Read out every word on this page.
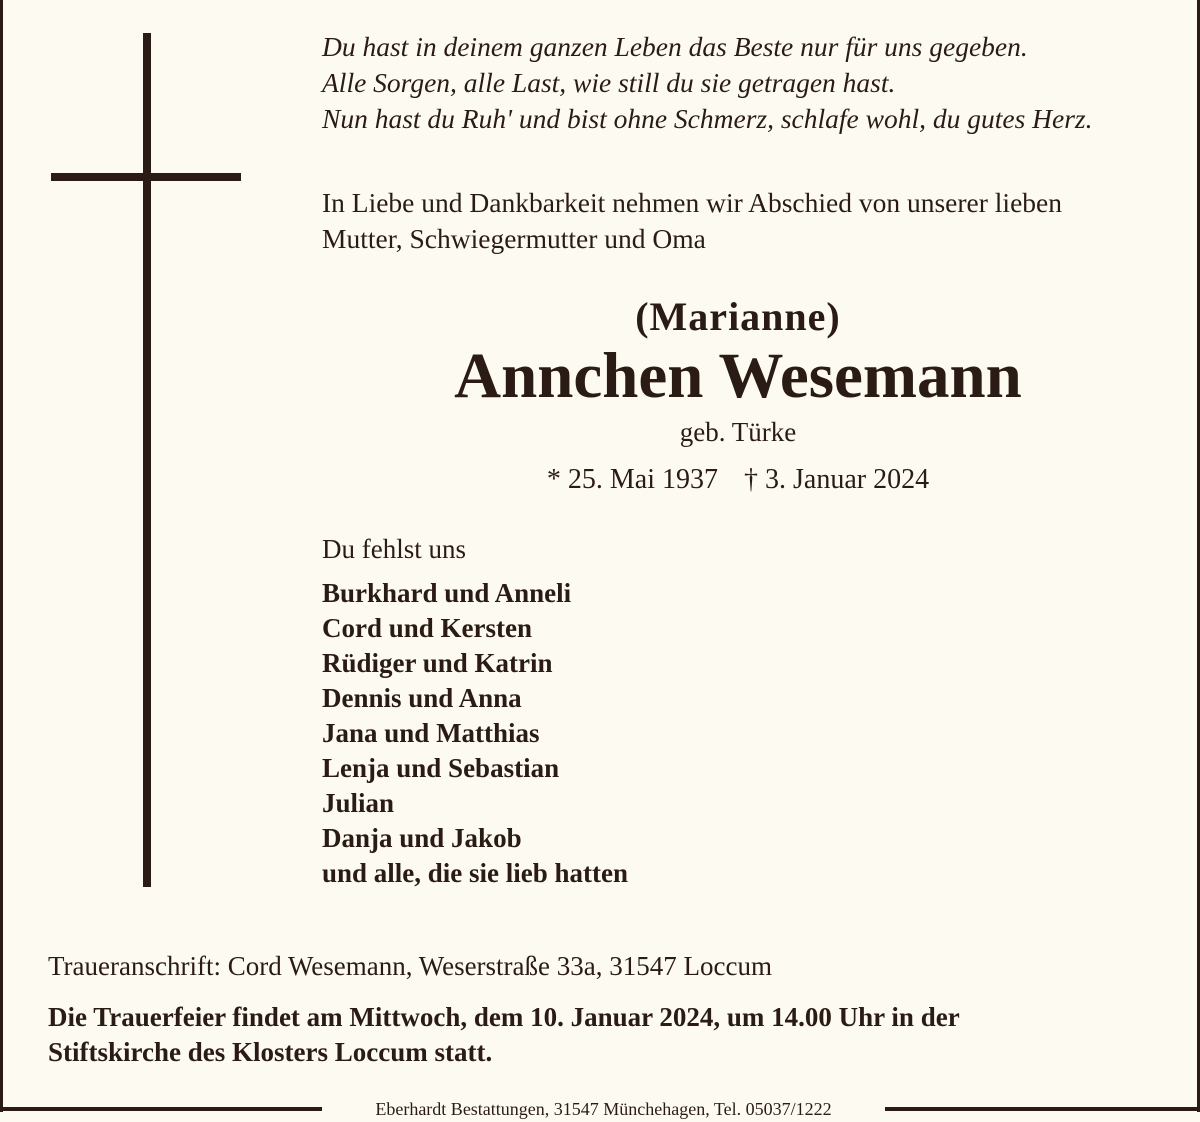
Du hast in deinem ganzen Leben das Beste nur für uns gegeben.
Alle Sorgen, alle Last, wie still du sie getragen hast.
Nun hast du Ruh' und bist ohne Schmerz, schlafe wohl, du gutes Herz.
In Liebe und Dankbarkeit nehmen wir Abschied von unserer lieben
Mutter, Schwiegermutter und Oma
(Marianne)
Annchen Wesemann
geb. Türke
* 25. Mai 1937 † 3. Januar 2024
Du fehlst uns
Burkhard und Anneli
Cord und Kersten
Rüdiger und Katrin
Dennis und Anna
Jana und Matthias
Lenja und Sebastian
Julian
Danja und Jakob
und alle, die sie lieb hatten
Traueranschrift: Cord Wesemann, Weserstraße 33a, 31547 Loccum
Die Trauerfeier findet am Mittwoch, dem 10. Januar 2024, um 14.00 Uhr in der
Stiftskirche des Klosters Loccum statt.
Eberhardt Bestattungen, 31547 Münchehagen, Tel. 05037/1222
